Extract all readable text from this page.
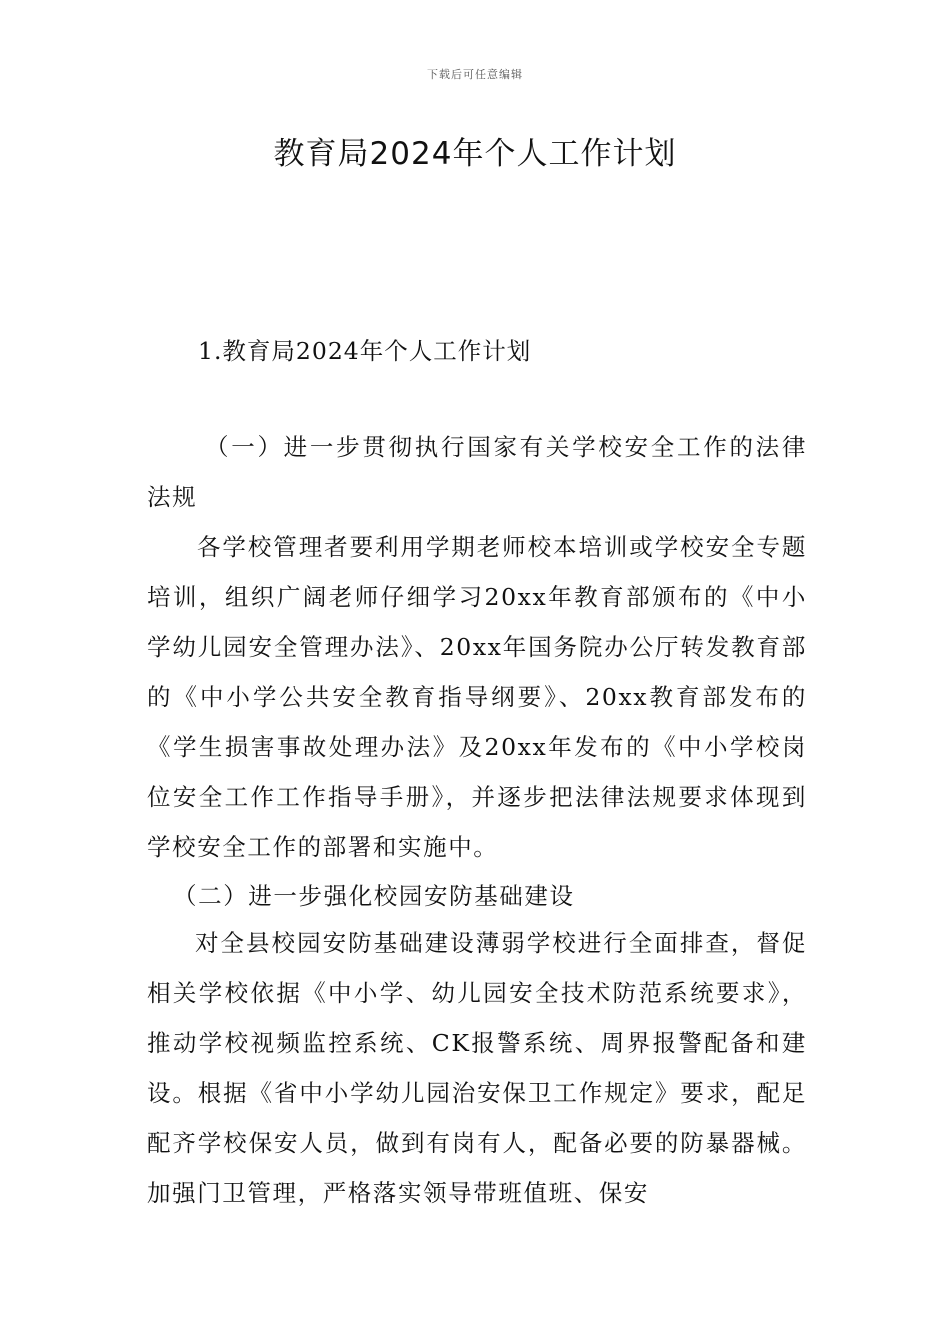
下载后可任意编辑
教育局2024年个人工作计划

1.教育局2024年个人工作计划

（一）进一步贯彻执行国家有关学校安全工作的法律法规

各学校管理者要利用学期老师校本培训或学校安全专题培训，组织广阔老师仔细学习20xx年教育部颁布的《中小学幼儿园安全管理办法》、20xx年国务院办公厅转发教育部的《中小学公共安全教育指导纲要》、20xx教育部发布的《学生损害事故处理办法》及20xx年发布的《中小学校岗位安全工作工作指导手册》，并逐步把法律法规要求体现到学校安全工作的部署和实施中。

（二）进一步强化校园安防基础建设

对全县校园安防基础建设薄弱学校进行全面排查，督促相关学校依据《中小学、幼儿园安全技术防范系统要求》，推动学校视频监控系统、CK报警系统、周界报警配备和建设。根据《省中小学幼儿园治安保卫工作规定》要求，配足配齐学校保安人员，做到有岗有人，配备必要的防暴器械。加强门卫管理，严格落实领导带班值班、保安
